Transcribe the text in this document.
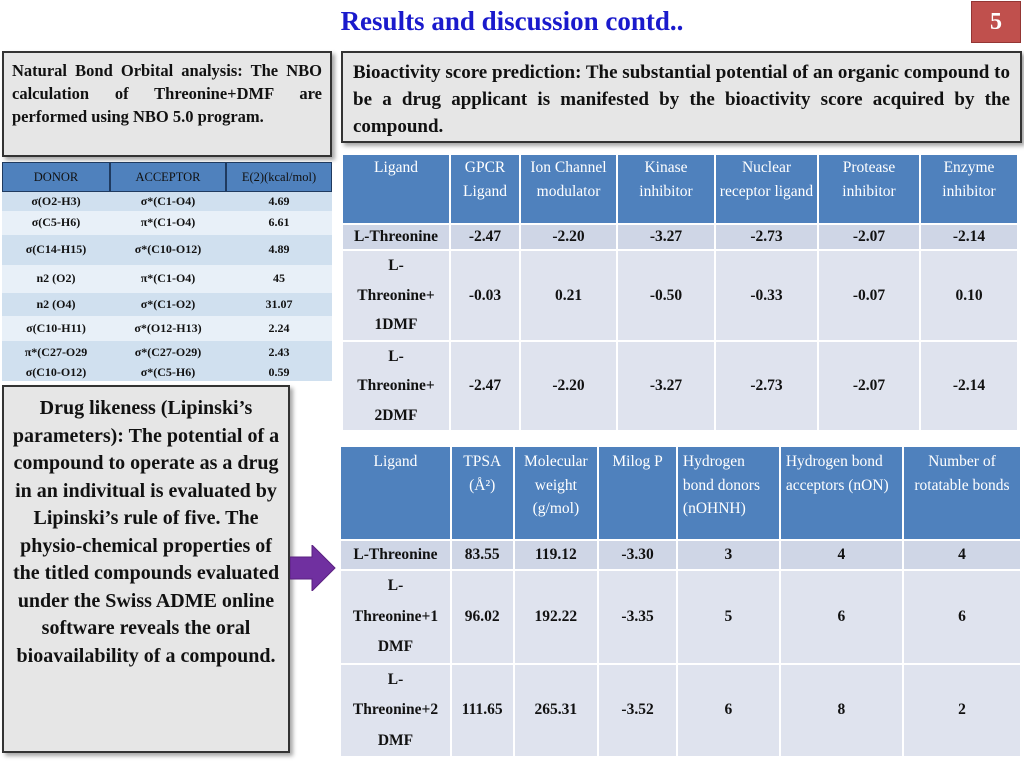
Results and discussion contd..	5
Natural Bond Orbital analysis: The NBO calculation of Threonine+DMF are performed using NBO 5.0 program.
DONOR	ACCEPTOR	E(2)(kcal/mol)
σ(O2-H3)	σ*(C1-O4)	4.69
σ(C5-H6)	π*(C1-O4)	6.61
σ(C14-H15)	σ*(C10-O12)	4.89
n2 (O2)	π*(C1-O4)	45
n2 (O4)	σ*(C1-O2)	31.07
σ(C10-H11)	σ*(O12-H13)	2.24
π*(C27-O29	σ*(C27-O29)	2.43
σ(C10-O12)	σ*(C5-H6)	0.59
Bioactivity score prediction: The substantial potential of an organic compound to be a drug applicant is manifested by the bioactivity score acquired by the compound.
Ligand	GPCR Ligand	Ion Channel modulator	Kinase inhibitor	Nuclear receptor ligand	Protease inhibitor	Enzyme inhibitor
L-Threonine	-2.47	-2.20	-3.27	-2.73	-2.07	-2.14
L-Threonine+ 1DMF	-0.03	0.21	-0.50	-0.33	-0.07	0.10
L-Threonine+ 2DMF	-2.47	-2.20	-3.27	-2.73	-2.07	-2.14
Drug likeness (Lipinski’s parameters): The potential of a compound to operate as a drug in an indivitual is evaluated by Lipinski’s rule of five. The physio-chemical properties of the titled compounds evaluated under the Swiss ADME online software reveals the oral bioavailability of a compound.
Ligand	TPSA (Å²)	Molecular weight (g/mol)	Milog P	Hydrogen bond donors (nOHNH)	Hydrogen bond acceptors (nON)	Number of rotatable bonds
L-Threonine	83.55	119.12	-3.30	3	4	4
L-Threonine+1 DMF	96.02	192.22	-3.35	5	6	6
L-Threonine+2 DMF	111.65	265.31	-3.52	6	8	2
